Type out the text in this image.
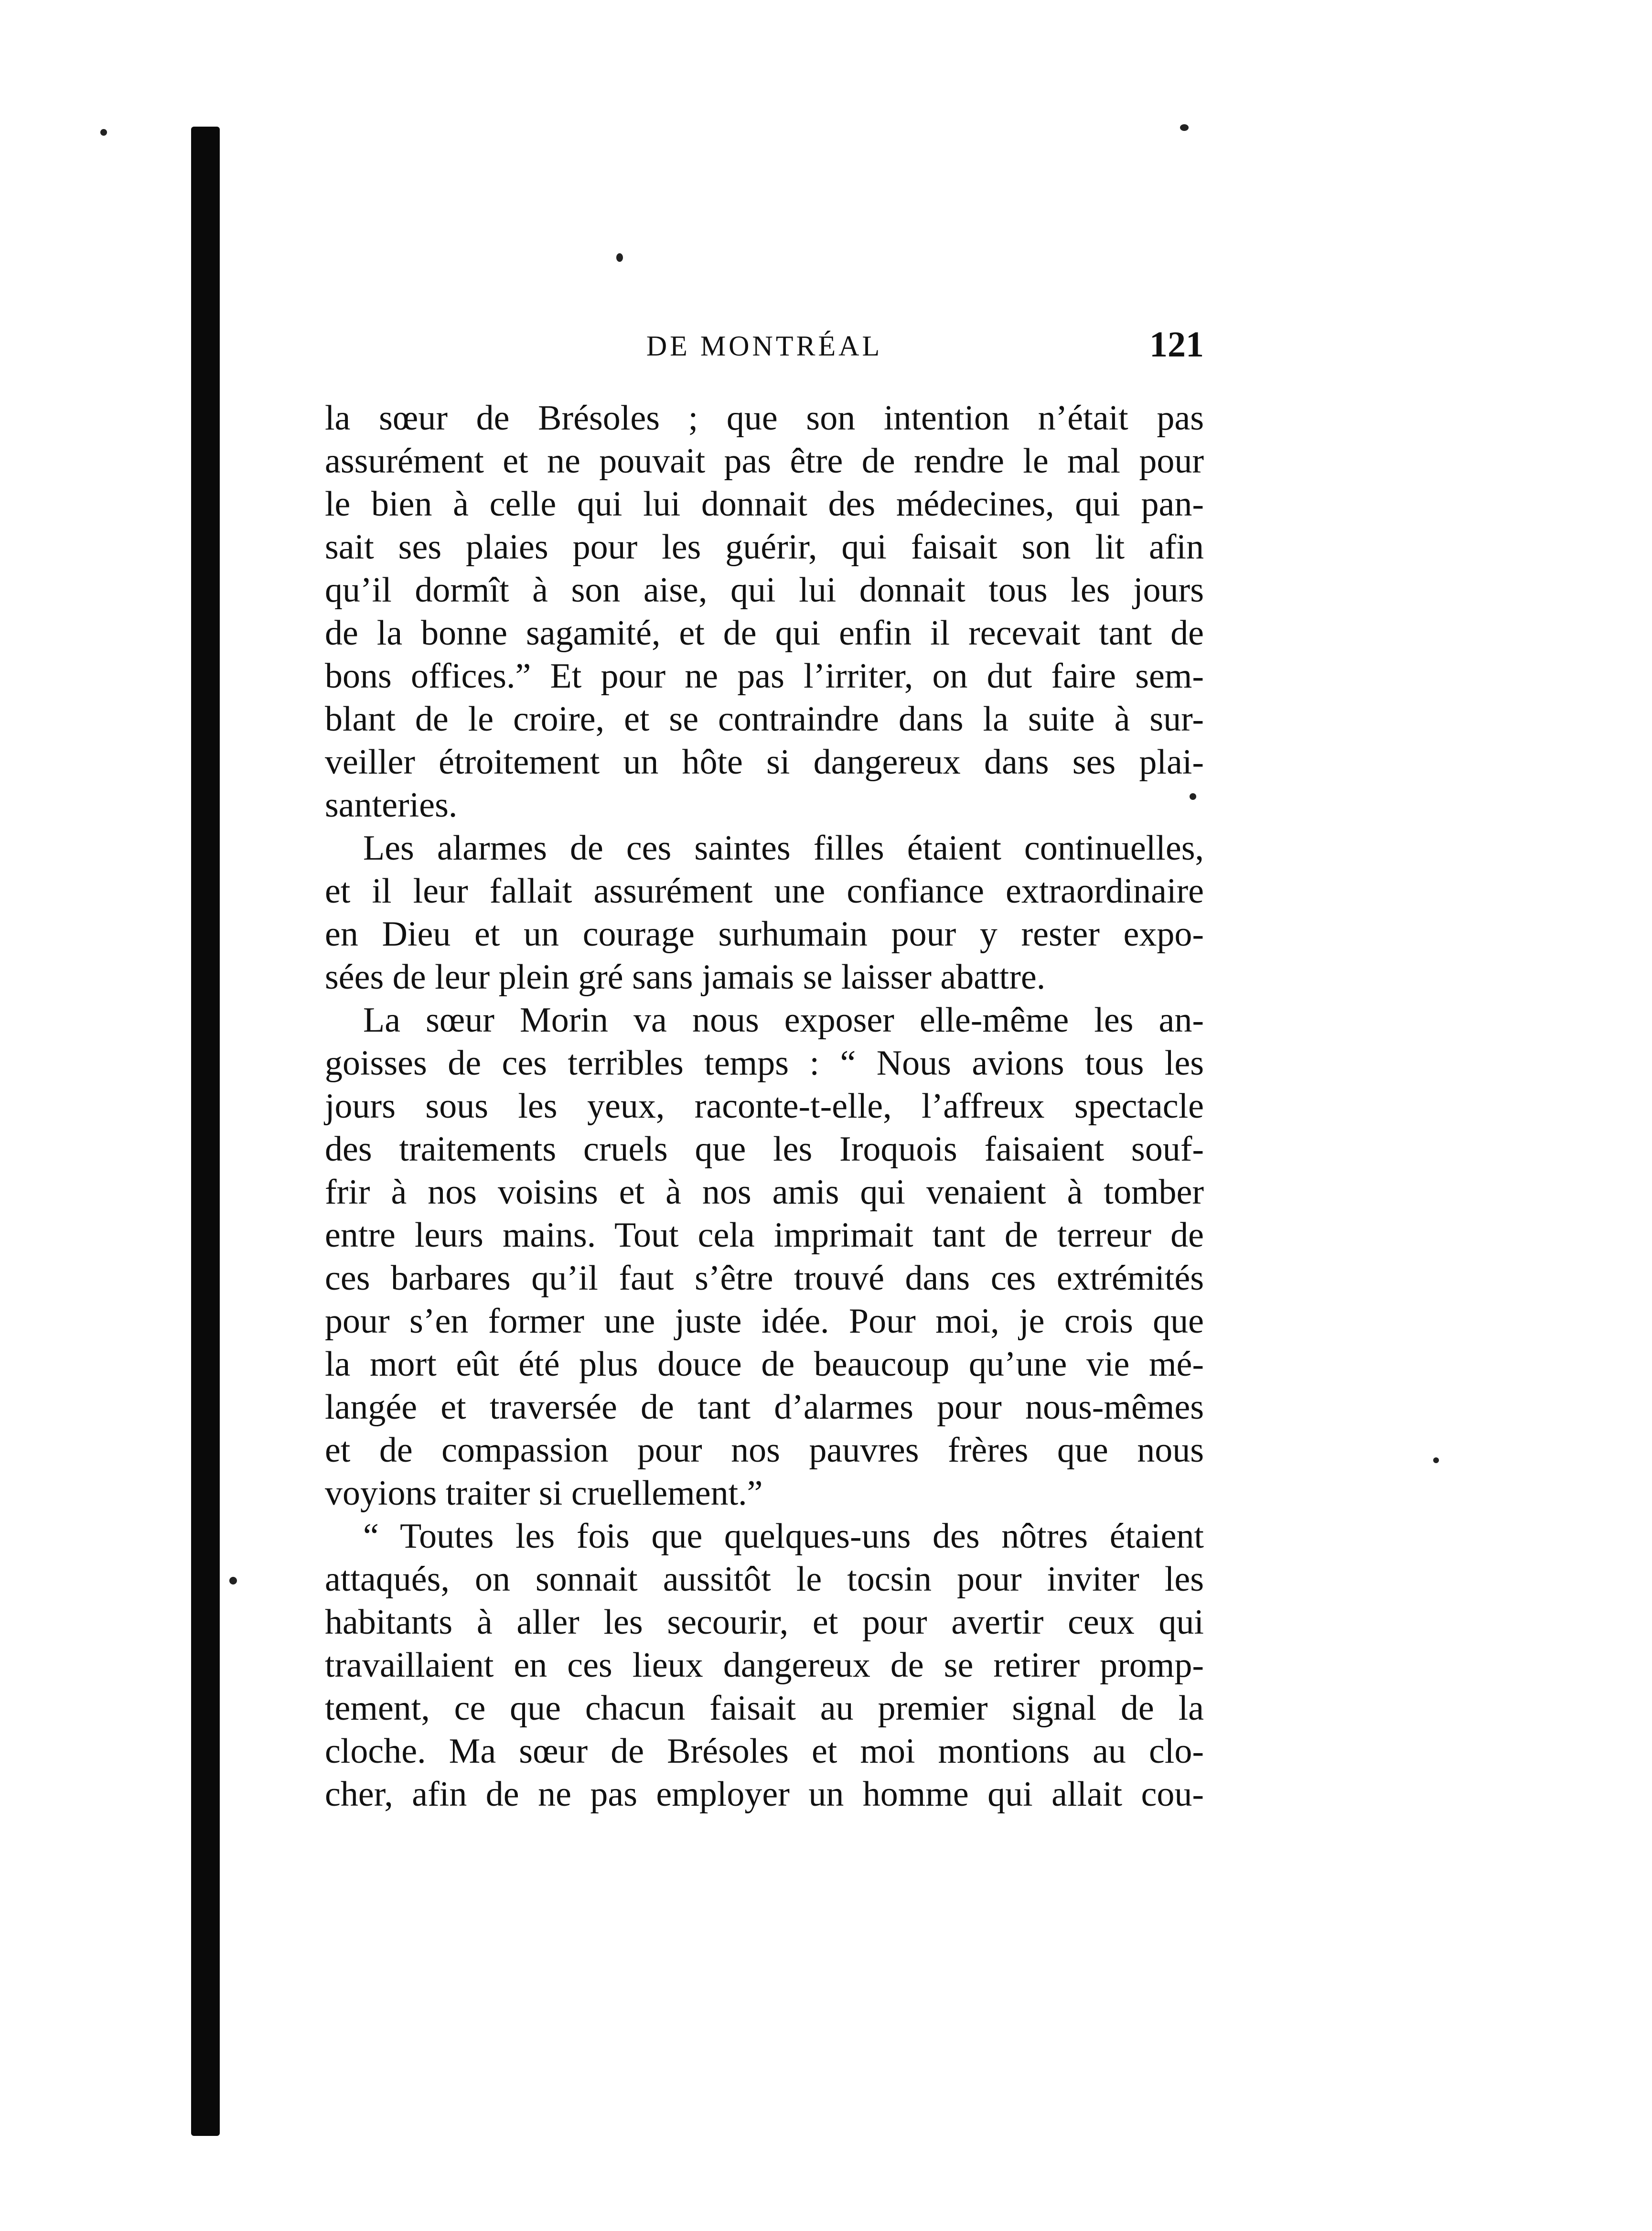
DE MONTRÉAL	121
la sœur de Brésoles ; que son intention n’était pas
assurément et ne pouvait pas être de rendre le mal pour
le bien à celle qui lui donnait des médecines, qui pan-
sait ses plaies pour les guérir, qui faisait son lit afin
qu’il dormît à son aise, qui lui donnait tous les jours
de la bonne sagamité, et de qui enfin il recevait tant de
bons offices.” Et pour ne pas l’irriter, on dut faire sem-
blant de le croire, et se contraindre dans la suite à sur-
veiller étroitement un hôte si dangereux dans ses plai-
santeries.
Les alarmes de ces saintes filles étaient continuelles,
et il leur fallait assurément une confiance extraordinaire
en Dieu et un courage surhumain pour y rester expo-
sées de leur plein gré sans jamais se laisser abattre.
La sœur Morin va nous exposer elle-même les an-
goisses de ces terribles temps : “ Nous avions tous les
jours sous les yeux, raconte-t-elle, l’affreux spectacle
des traitements cruels que les Iroquois faisaient souf-
frir à nos voisins et à nos amis qui venaient à tomber
entre leurs mains. Tout cela imprimait tant de terreur de
ces barbares qu’il faut s’être trouvé dans ces extrémités
pour s’en former une juste idée. Pour moi, je crois que
la mort eût été plus douce de beaucoup qu’une vie mé-
langée et traversée de tant d’alarmes pour nous-mêmes
et de compassion pour nos pauvres frères que nous
voyions traiter si cruellement.”
“ Toutes les fois que quelques-uns des nôtres étaient
attaqués, on sonnait aussitôt le tocsin pour inviter les
habitants à aller les secourir, et pour avertir ceux qui
travaillaient en ces lieux dangereux de se retirer promp-
tement, ce que chacun faisait au premier signal de la
cloche. Ma sœur de Brésoles et moi montions au clo-
cher, afin de ne pas employer un homme qui allait cou-
